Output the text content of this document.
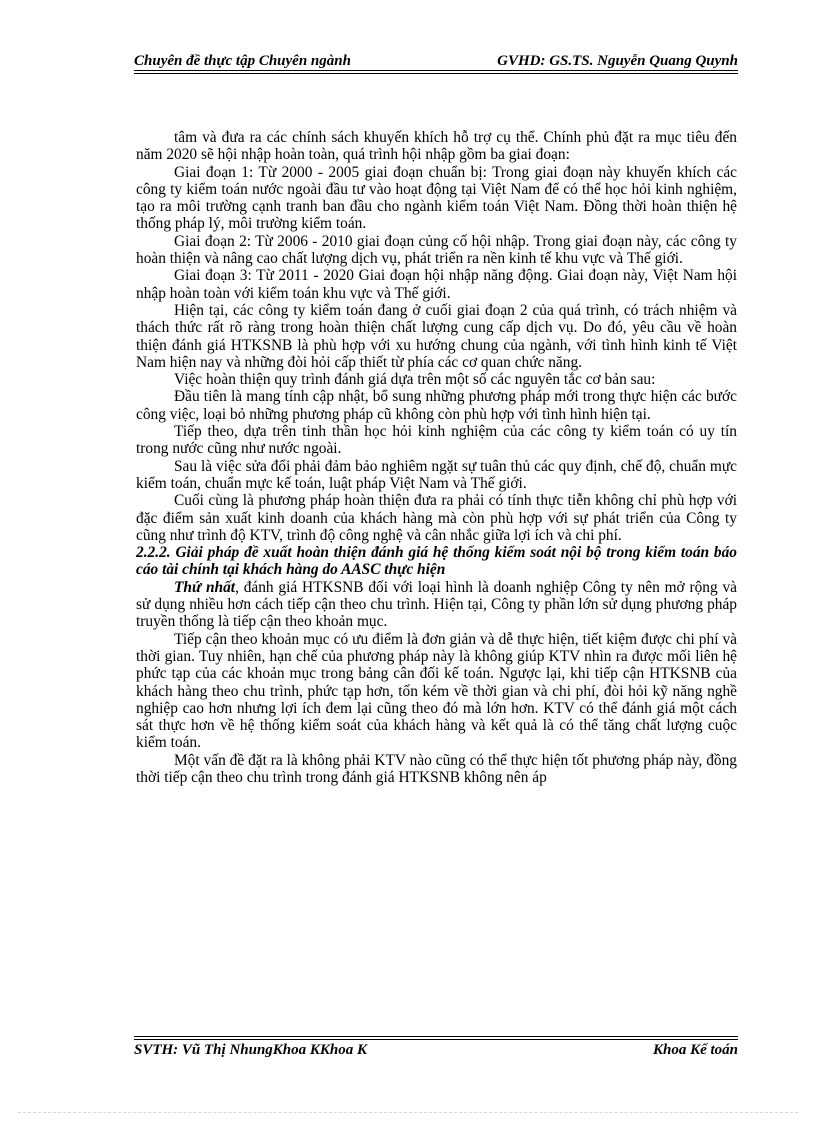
Chuyên đề thực tập Chuyên ngành	GVHD: GS.TS. Nguyễn Quang Quynh

tâm và đưa ra các chính sách khuyến khích hỗ trợ cụ thể. Chính phủ đặt ra mục tiêu đến năm 2020 sẽ hội nhập hoàn toàn, quá trình hội nhập gồm ba giai đoạn:

Giai đoạn 1: Từ 2000 - 2005 giai đoạn chuẩn bị: Trong giai đoạn này khuyến khích các công ty kiểm toán nước ngoài đầu tư vào hoạt động tại Việt Nam để có thể học hỏi kinh nghiệm, tạo ra môi trường cạnh tranh ban đầu cho ngành kiểm toán Việt Nam. Đồng thời hoàn thiện hệ thống pháp lý, môi trường kiểm toán.

Giai đoạn 2: Từ 2006 - 2010 giai đoạn củng cố hội nhập. Trong giai đoạn này, các công ty hoàn thiện và nâng cao chất lượng dịch vụ, phát triển ra nền kinh tế khu vực và Thế giới.

Giai đoạn 3: Từ 2011 - 2020 Giai đoạn hội nhập năng động. Giai đoạn này, Việt Nam hội nhập hoàn toàn với kiểm toán khu vực và Thế giới.

Hiện tại, các công ty kiểm toán đang ở cuối giai đoạn 2 của quá trình, có trách nhiệm và thách thức rất rõ ràng trong hoàn thiện chất lượng cung cấp dịch vụ. Do đó, yêu cầu về hoàn thiện đánh giá HTKSNB là phù hợp với xu hướng chung của ngành, với tình hình kinh tế Việt Nam hiện nay và những đòi hỏi cấp thiết từ phía các cơ quan chức năng.

Việc hoàn thiện quy trình đánh giá dựa trên một số các nguyên tắc cơ bản sau:

Đầu tiên là mang tính cập nhật, bổ sung những phương pháp mới trong thực hiện các bước công việc, loại bỏ những phương pháp cũ không còn phù hợp với tình hình hiện tại.

Tiếp theo, dựa trên tinh thần học hỏi kinh nghiệm của các công ty kiểm toán có uy tín trong nước cũng như nước ngoài.

Sau là việc sửa đổi phải đảm bảo nghiêm ngặt sự tuân thủ các quy định, chế độ, chuẩn mực kiểm toán, chuẩn mực kế toán, luật pháp Việt Nam và Thế giới.

Cuối cùng là phương pháp hoàn thiện đưa ra phải có tính thực tiễn không chỉ phù hợp với đặc điểm sản xuất kinh doanh của khách hàng mà còn phù hợp với sự phát triển của Công ty cũng như trình độ KTV, trình độ công nghệ và cân nhắc giữa lợi ích và chi phí.

2.2.2. Giải pháp đề xuất hoàn thiện đánh giá hệ thống kiểm soát nội bộ trong kiểm toán báo cáo tài chính tại khách hàng do AASC thực hiện

Thứ nhất, đánh giá HTKSNB đối với loại hình là doanh nghiệp Công ty nên mở rộng và sử dụng nhiều hơn cách tiếp cận theo chu trình. Hiện tại, Công ty phần lớn sử dụng phương pháp truyền thống là tiếp cận theo khoản mục.

Tiếp cận theo khoản mục có ưu điểm là đơn giản và dễ thực hiện, tiết kiệm được chi phí và thời gian. Tuy nhiên, hạn chế của phương pháp này là không giúp KTV nhìn ra được mối liên hệ phức tạp của các khoản mục trong bảng cân đối kế toán. Ngược lại, khi tiếp cận HTKSNB của khách hàng theo chu trình, phức tạp hơn, tốn kém về thời gian và chi phí, đòi hỏi kỹ năng nghề nghiệp cao hơn nhưng lợi ích đem lại cũng theo đó mà lớn hơn. KTV có thể đánh giá một cách sát thực hơn về hệ thống kiểm soát của khách hàng và kết quả là có thể tăng chất lượng cuộc kiểm toán.

Một vấn đề đặt ra là không phải KTV nào cũng có thể thực hiện tốt phương pháp này, đồng thời tiếp cận theo chu trình trong đánh giá HTKSNB không nên áp

SVTH: Vũ Thị NhungKhoa KKhoa K	Khoa Kế toán
